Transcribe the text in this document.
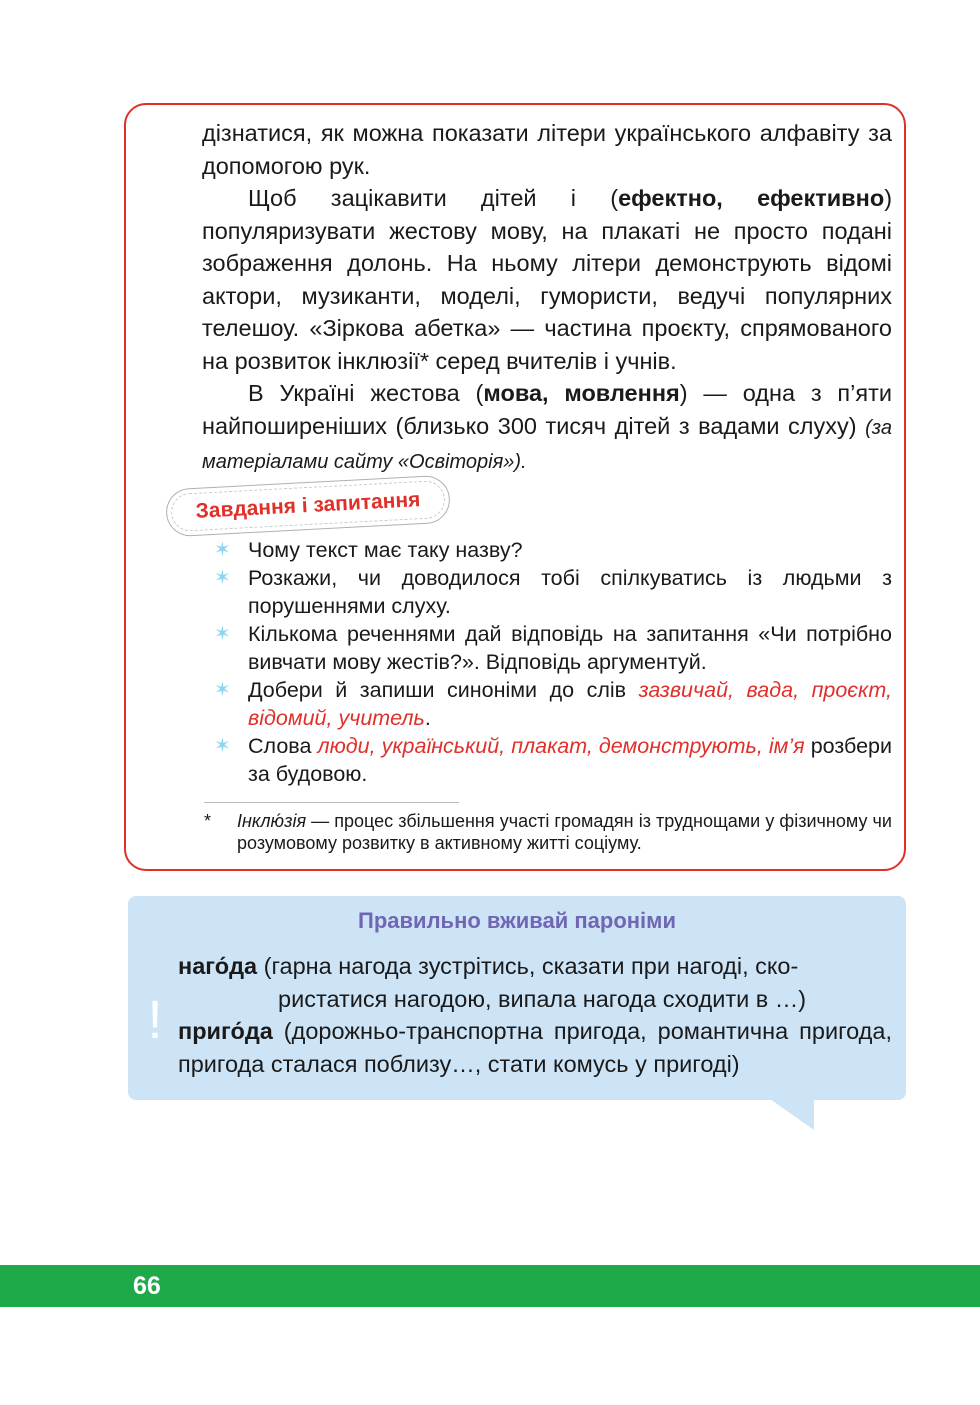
дізнатися, як можна показати літери українського алфавіту за допомогою рук.

Щоб зацікавити дітей і (ефектно, ефективно) популяризувати жестову мову, на плакаті не просто подані зображення долонь. На ньому літери демонструють відомі актори, музиканти, моделі, гумористи, ведучі популярних телешоу. «Зіркова абетка» — частина проєкту, спрямованого на розвиток інклюзії* серед вчителів і учнів.

В Україні жестова (мова, мовлення) — одна з п’яти найпоширеніших (близько 300 тисяч дітей з вадами слуху) (за матеріалами сайту «Освіторія»).

Завдання і запитання

✶ Чому текст має таку назву?

✶ Розкажи, чи доводилося тобі спілкуватись із людьми з порушеннями слуху.

✶ Кількома реченнями дай відповідь на запитання «Чи потрібно вивчати мову жестів?». Відповідь аргументуй.

✶ Добери й запиши синоніми до слів зазвичай, вада, проєкт, відомий, учитель.

✶ Слова люди, український, плакат, демонструють, ім’я розбери за будовою.

*	Інклю́зія — процес збільшення участі громадян із труднощами у фізичному чи розумовому розвитку в активному житті соціуму.
Правильно вживай пароніми
!

наго́да (гарна нагода зустрітись, сказати при нагоді, ско-

ристатися нагодою, випала нагода сходити в …)

приго́да (дорожньо-транспортна пригода, романтична пригода, пригода сталася поблизу…, стати комусь у пригоді)

66
